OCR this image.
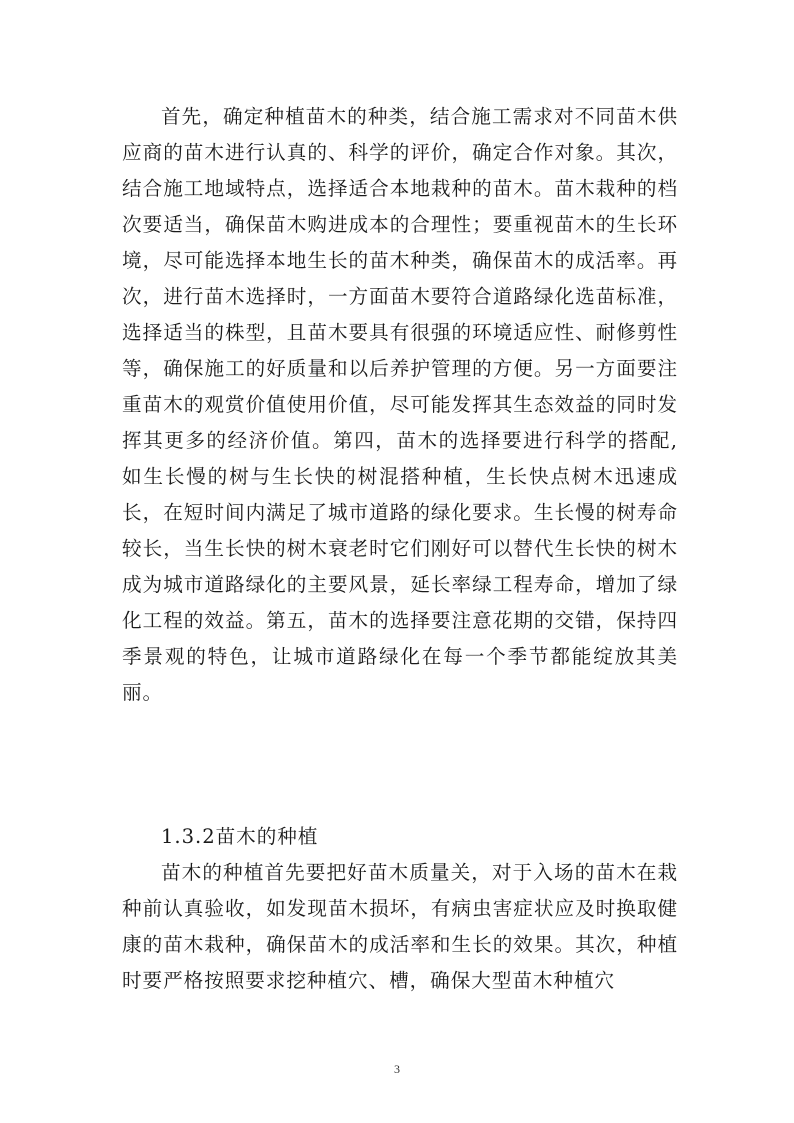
首先，确定种植苗木的种类，结合施工需求对不同苗木供应商的苗木进行认真的、科学的评价，确定合作对象。其次，结合施工地域特点，选择适合本地栽种的苗木。苗木栽种的档次要适当，确保苗木购进成本的合理性；要重视苗木的生长环境，尽可能选择本地生长的苗木种类，确保苗木的成活率。再次，进行苗木选择时，一方面苗木要符合道路绿化选苗标准，选择适当的株型，且苗木要具有很强的环境适应性、耐修剪性等，确保施工的好质量和以后养护管理的方便。另一方面要注重苗木的观赏价值使用价值，尽可能发挥其生态效益的同时发挥其更多的经济价值。第四，苗木的选择要进行科学的搭配,如生长慢的树与生长快的树混搭种植，生长快点树木迅速成长，在短时间内满足了城市道路的绿化要求。生长慢的树寿命较长，当生长快的树木衰老时它们刚好可以替代生长快的树木成为城市道路绿化的主要风景，延长率绿工程寿命，增加了绿化工程的效益。第五，苗木的选择要注意花期的交错，保持四季景观的特色，让城市道路绿化在每一个季节都能绽放其美丽。

1.3.2苗木的种植

苗木的种植首先要把好苗木质量关，对于入场的苗木在栽种前认真验收，如发现苗木损坏，有病虫害症状应及时换取健康的苗木栽种，确保苗木的成活率和生长的效果。其次，种植时要严格按照要求挖种植穴、槽，确保大型苗木种植穴

3
